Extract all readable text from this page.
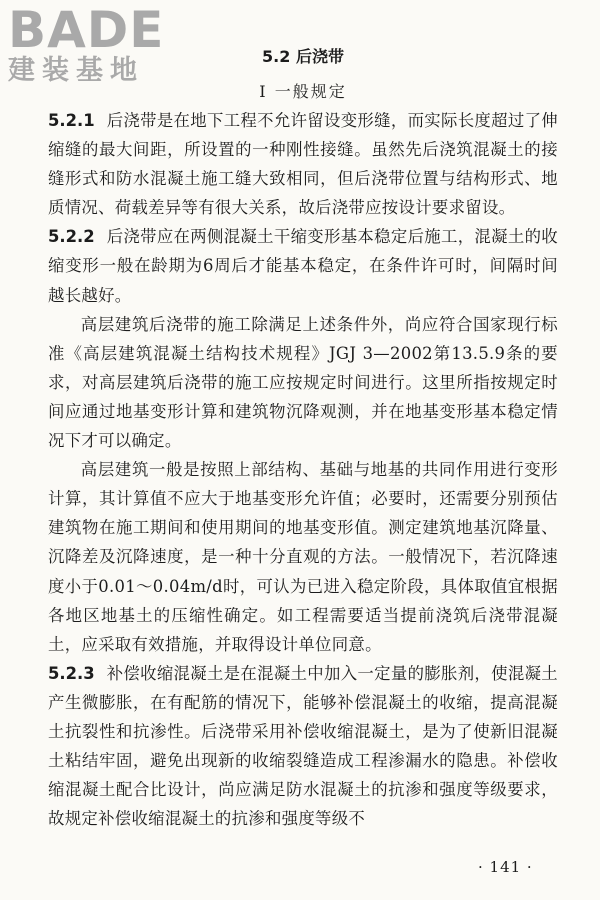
BADE
建装基地	5.2 后浇带
Ⅰ 一般规定

5.2.1 后浇带是在地下工程不允许留设变形缝，而实际长度超过了伸缩缝的最大间距，所设置的一种刚性接缝。虽然先后浇筑混凝土的接缝形式和防水混凝土施工缝大致相同，但后浇带位置与结构形式、地质情况、荷载差异等有很大关系，故后浇带应按设计要求留设。

5.2.2 后浇带应在两侧混凝土干缩变形基本稳定后施工，混凝土的收缩变形一般在龄期为6周后才能基本稳定，在条件许可时，间隔时间越长越好。

高层建筑后浇带的施工除满足上述条件外，尚应符合国家现行标准《高层建筑混凝土结构技术规程》JGJ 3—2002第13.5.9条的要求，对高层建筑后浇带的施工应按规定时间进行。这里所指按规定时间应通过地基变形计算和建筑物沉降观测，并在地基变形基本稳定情况下才可以确定。

高层建筑一般是按照上部结构、基础与地基的共同作用进行变形计算，其计算值不应大于地基变形允许值；必要时，还需要分别预估建筑物在施工期间和使用期间的地基变形值。测定建筑地基沉降量、沉降差及沉降速度，是一种十分直观的方法。一般情况下，若沉降速度小于0.01～0.04m/d时，可认为已进入稳定阶段，具体取值宜根据各地区地基土的压缩性确定。如工程需要适当提前浇筑后浇带混凝土，应采取有效措施，并取得设计单位同意。

5.2.3 补偿收缩混凝土是在混凝土中加入一定量的膨胀剂，使混凝土产生微膨胀，在有配筋的情况下，能够补偿混凝土的收缩，提高混凝土抗裂性和抗渗性。后浇带采用补偿收缩混凝土，是为了使新旧混凝土粘结牢固，避免出现新的收缩裂缝造成工程渗漏水的隐患。补偿收缩混凝土配合比设计，尚应满足防水混凝土的抗渗和强度等级要求，故规定补偿收缩混凝土的抗渗和强度等级不

· 141 ·
